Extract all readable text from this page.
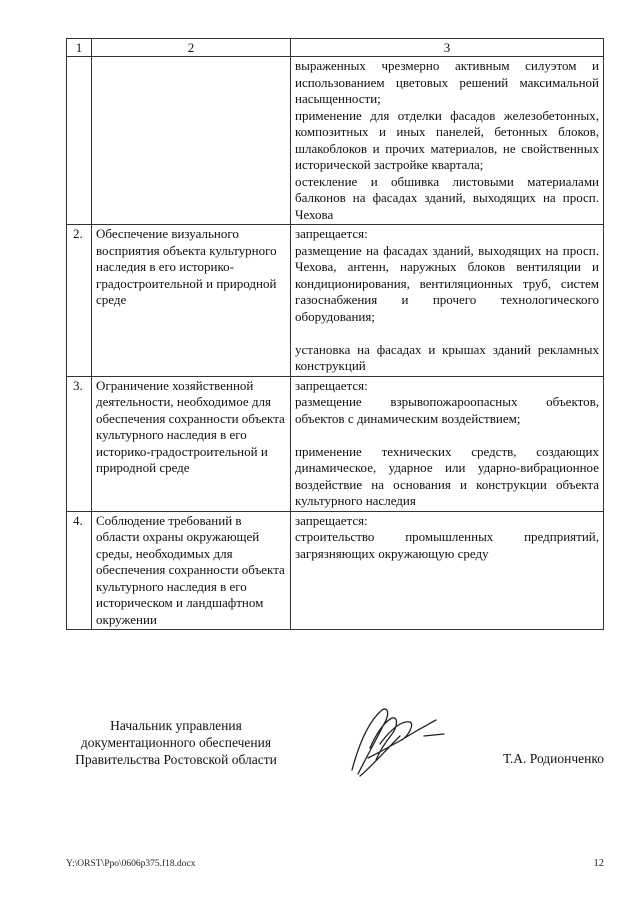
1	2	3

		выраженных чрезмерно активным силуэтом и использованием цветовых решений максимальной насыщенности;

применение для отделки фасадов железобетонных, композитных и иных панелей, бетонных блоков, шлакоблоков и прочих материалов, не свойственных исторической застройке квартала;

остекление и обшивка листовыми материалами балконов на фасадах зданий, выходящих на просп. Чехова

2.	Обеспечение визуального восприятия объекта культурного наследия в его историко-градостроительной и природной среде	запрещается:

размещение на фасадах зданий, выходящих на просп. Чехова, антенн, наружных блоков вентиляции и кондиционирования, вентиляционных труб, систем газоснабжения и прочего технологического оборудования;

установка на фасадах и крышах зданий рекламных конструкций

3.	Ограничение хозяйственной деятельности, необходимое для обеспечения сохранности объекта культурного наследия в его историко-градостроительной и природной среде	запрещается:

размещение взрывопожароопасных объектов, объектов с динамическим воздействием;

применение технических средств, создающих динамическое, ударное или ударно-вибрационное воздействие на основания и конструкции объекта культурного наследия

4.	Соблюдение требований в области охраны окружающей среды, необходимых для обеспечения сохранности объекта культурного наследия в его историческом и ландшафтном окружении	запрещается:

строительство промышленных предприятий, загрязняющих окружающую среду

Начальник управления
документационного обеспечения
Правительства Ростовской области	Т.А. Родионченко
Y:\ORST\Ppo\0606p375.f18.docx	12
